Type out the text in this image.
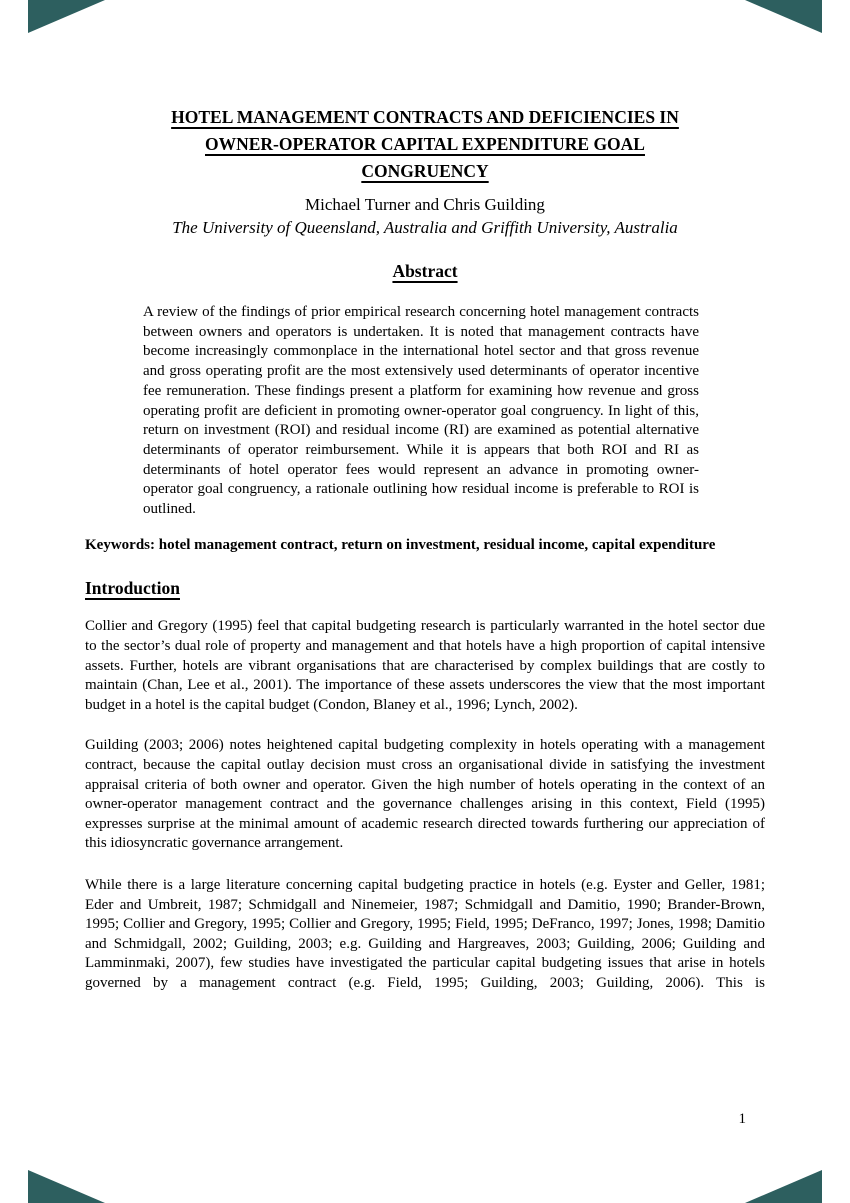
HOTEL MANAGEMENT CONTRACTS AND DEFICIENCIES IN
OWNER-OPERATOR CAPITAL EXPENDITURE GOAL
CONGRUENCY
Michael Turner and Chris Guilding
The University of Queensland, Australia and Griffith University, Australia
Abstract
A review of the findings of prior empirical research concerning hotel management contracts between owners and operators is undertaken. It is noted that management contracts have become increasingly commonplace in the international hotel sector and that gross revenue and gross operating profit are the most extensively used determinants of operator incentive fee remuneration. These findings present a platform for examining how revenue and gross operating profit are deficient in promoting owner-operator goal congruency. In light of this, return on investment (ROI) and residual income (RI) are examined as potential alternative determinants of operator reimbursement. While it is appears that both ROI and RI as determinants of hotel operator fees would represent an advance in promoting owner-operator goal congruency, a rationale outlining how residual income is preferable to ROI is outlined.
Keywords: hotel management contract, return on investment, residual income, capital expenditure
Introduction
Collier and Gregory (1995) feel that capital budgeting research is particularly warranted in the hotel sector due to the sector’s dual role of property and management and that hotels have a high proportion of capital intensive assets. Further, hotels are vibrant organisations that are characterised by complex buildings that are costly to maintain (Chan, Lee et al., 2001). The importance of these assets underscores the view that the most important budget in a hotel is the capital budget (Condon, Blaney et al., 1996; Lynch, 2002).
Guilding (2003; 2006) notes heightened capital budgeting complexity in hotels operating with a management contract, because the capital outlay decision must cross an organisational divide in satisfying the investment appraisal criteria of both owner and operator. Given the high number of hotels operating in the context of an owner-operator management contract and the governance challenges arising in this context, Field (1995) expresses surprise at the minimal amount of academic research directed towards furthering our appreciation of this idiosyncratic governance arrangement.
While there is a large literature concerning capital budgeting practice in hotels (e.g. Eyster and Geller, 1981; Eder and Umbreit, 1987; Schmidgall and Ninemeier, 1987; Schmidgall and Damitio, 1990; Brander-Brown, 1995; Collier and Gregory, 1995; Collier and Gregory, 1995; Field, 1995; DeFranco, 1997; Jones, 1998; Damitio and Schmidgall, 2002; Guilding, 2003; e.g. Guilding and Hargreaves, 2003; Guilding, 2006; Guilding and Lamminmaki, 2007), few studies have investigated the particular capital budgeting issues that arise in hotels governed by a management contract (e.g. Field, 1995; Guilding, 2003; Guilding, 2006). This is
1
